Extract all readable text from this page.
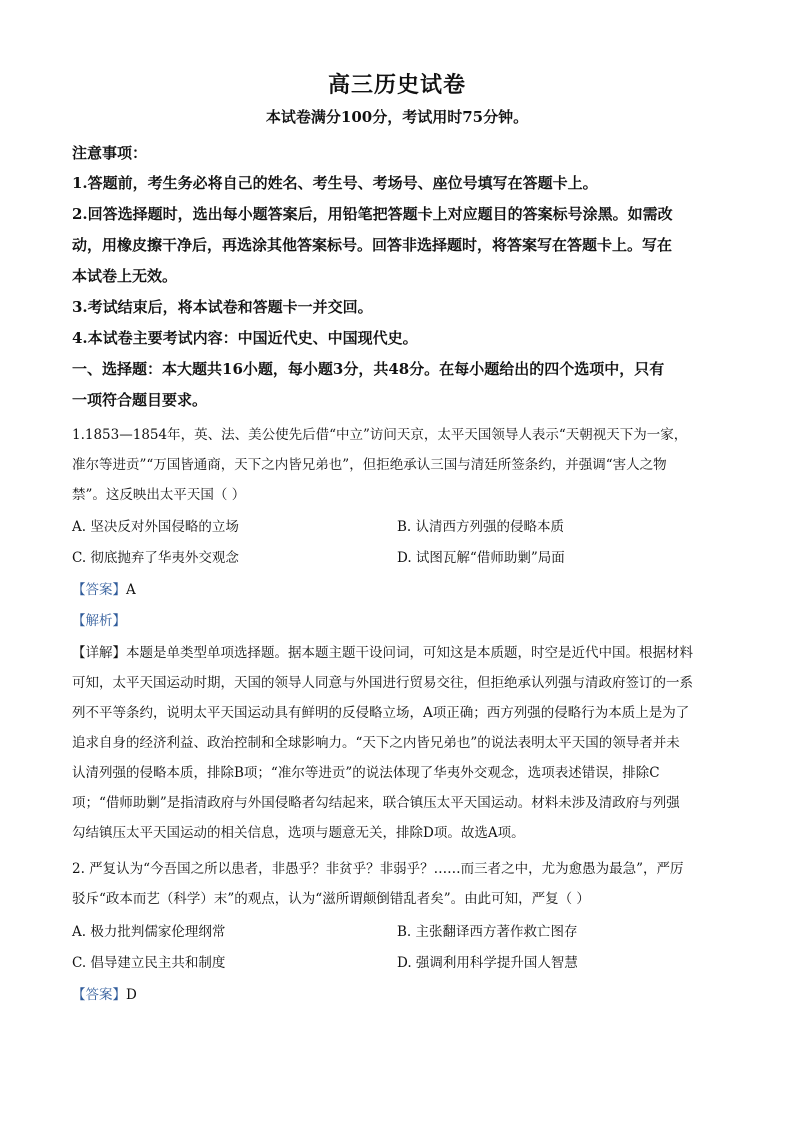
高三历史试卷
本试卷满分100分，考试用时75分钟。
注意事项：
1.答题前，考生务必将自己的姓名、考生号、考场号、座位号填写在答题卡上。
2.回答选择题时，选出每小题答案后，用铅笔把答题卡上对应题目的答案标号涂黑。如需改
动，用橡皮擦干净后，再选涂其他答案标号。回答非选择题时，将答案写在答题卡上。写在
本试卷上无效。
3.考试结束后，将本试卷和答题卡一并交回。
4.本试卷主要考试内容：中国近代史、中国现代史。
一、选择题：本大题共16小题，每小题3分，共48分。在每小题给出的四个选项中，只有
一项符合题目要求。
1.1853—1854年，英、法、美公使先后借“中立”访问天京，太平天国领导人表示“天朝视天下为一家，
准尔等进贡”“万国皆通商，天下之内皆兄弟也”，但拒绝承认三国与清廷所签条约，并强调“害人之物
禁”。这反映出太平天国（ ）
A. 坚决反对外国侵略的立场	B. 认清西方列强的侵略本质
C. 彻底抛弃了华夷外交观念	D. 试图瓦解“借师助剿”局面
【答案】A
【解析】
【详解】本题是单类型单项选择题。据本题主题干设问词，可知这是本质题，时空是近代中国。根据材料
可知，太平天国运动时期，天国的领导人同意与外国进行贸易交往，但拒绝承认列强与清政府签订的一系
列不平等条约，说明太平天国运动具有鲜明的反侵略立场，A项正确；西方列强的侵略行为本质上是为了
追求自身的经济利益、政治控制和全球影响力。“天下之内皆兄弟也”的说法表明太平天国的领导者并未
认清列强的侵略本质，排除B项；“准尔等进贡”的说法体现了华夷外交观念，选项表述错误，排除C
项；“借师助剿”是指清政府与外国侵略者勾结起来，联合镇压太平天国运动。材料未涉及清政府与列强
勾结镇压太平天国运动的相关信息，选项与题意无关，排除D项。故选A项。
2. 严复认为“今吾国之所以患者，非愚乎？非贫乎？非弱乎？……而三者之中，尤为愈愚为最急”，严厉
驳斥“政本而艺（科学）末”的观点，认为“滋所谓颠倒错乱者矣”。由此可知，严复（ ）
A. 极力批判儒家伦理纲常	B. 主张翻译西方著作救亡图存
C. 倡导建立民主共和制度	D. 强调利用科学提升国人智慧
【答案】D
